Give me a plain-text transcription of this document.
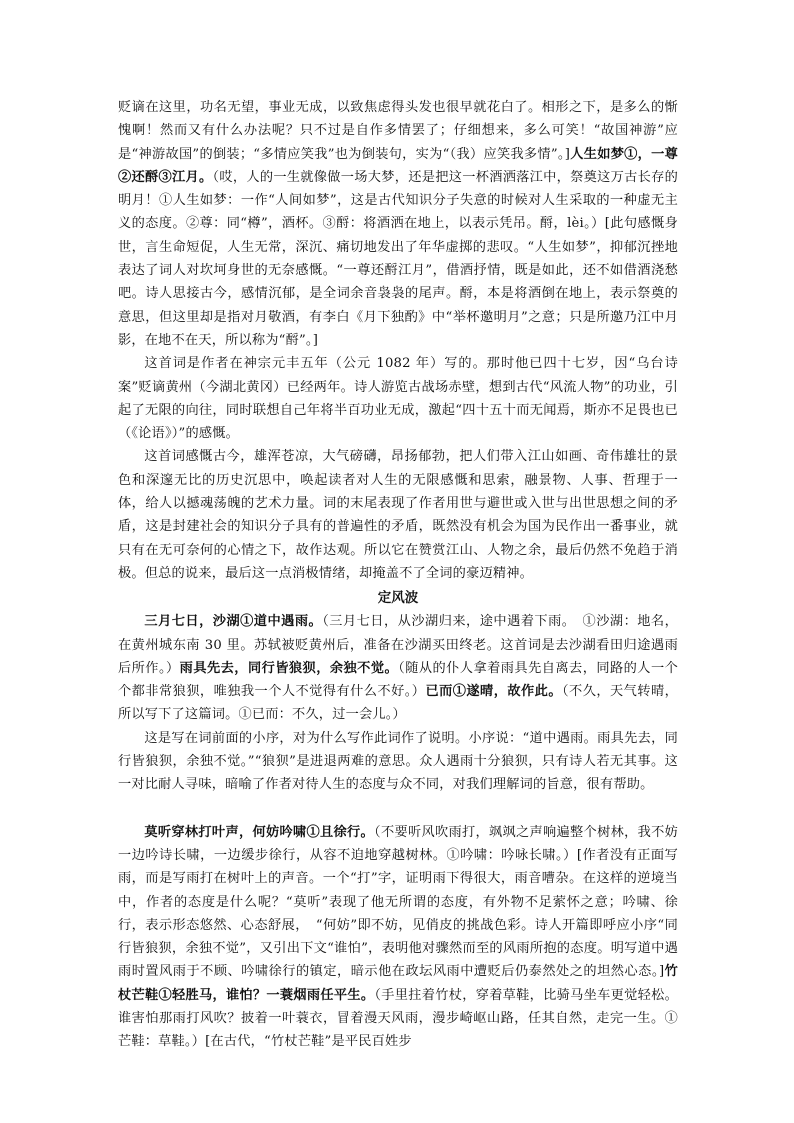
贬谪在这里，功名无望，事业无成，以致焦虑得头发也很早就花白了。相形之下，是多么的惭愧啊！然而又有什么办法呢？只不过是自作多情罢了；仔细想来，多么可笑！“故国神游”应是“神游故国”的倒装；“多情应笑我”也为倒装句，实为“（我）应笑我多情”。]人生如梦①，一尊②还酹③江月。（哎，人的一生就像做一场大梦，还是把这一杯酒洒落江中，祭奠这万古长存的明月！①人生如梦：一作“人间如梦”，这是古代知识分子失意的时候对人生采取的一种虚无主义的态度。②尊：同“樽”，酒杯。③酹：将酒洒在地上，以表示凭吊。酹，lèi。）[此句感慨身世，言生命短促，人生无常，深沉、痛切地发出了年华虚掷的悲叹。“人生如梦”，抑郁沉挫地表达了词人对坎坷身世的无奈感慨。“一尊还酹江月”，借酒抒情，既是如此，还不如借酒浇愁吧。诗人思接古今，感情沉郁，是全词余音袅袅的尾声。酹，本是将酒倒在地上，表示祭奠的意思，但这里却是指对月敬酒，有李白《月下独酌》中“举杯邀明月”之意；只是所邀乃江中月影，在地不在天，所以称为“酹”。]

这首词是作者在神宗元丰五年（公元 1082 年）写的。那时他已四十七岁，因“乌台诗案”贬谪黄州（今湖北黄冈）已经两年。诗人游览古战场赤壁，想到古代“风流人物”的功业，引起了无限的向往，同时联想自己年将半百功业无成，激起“四十五十而无闻焉，斯亦不足畏也已（《论语》）”的感慨。

这首词感慨古今，雄浑苍凉，大气磅礴，昂扬郁勃，把人们带入江山如画、奇伟雄壮的景色和深邃无比的历史沉思中，唤起读者对人生的无限感慨和思索，融景物、人事、哲理于一体，给人以撼魂荡魄的艺术力量。词的末尾表现了作者用世与避世或入世与出世思想之间的矛盾，这是封建社会的知识分子具有的普遍性的矛盾，既然没有机会为国为民作出一番事业，就只有在无可奈何的心情之下，故作达观。所以它在赞赏江山、人物之余，最后仍然不免趋于消极。但总的说来，最后这一点消极情绪，却掩盖不了全词的豪迈精神。

定风波

三月七日，沙湖①道中遇雨。（三月七日，从沙湖归来，途中遇着下雨。　①沙湖：地名，在黄州城东南 30 里。苏轼被贬黄州后，准备在沙湖买田终老。这首词是去沙湖看田归途遇雨后所作。）雨具先去，同行皆狼狈，余独不觉。（随从的仆人拿着雨具先自离去，同路的人一个个都非常狼狈，唯独我一个人不觉得有什么不好。）已而①遂晴，故作此。（不久，天气转晴，所以写下了这篇词。①已而：不久，过一会儿。）

这是写在词前面的小序，对为什么写作此词作了说明。小序说：“道中遇雨。雨具先去，同行皆狼狈，余独不觉。”“狼狈”是进退两难的意思。众人遇雨十分狼狈，只有诗人若无其事。这一对比耐人寻味，暗喻了作者对待人生的态度与众不同，对我们理解词的旨意，很有帮助。

莫听穿林打叶声，何妨吟啸①且徐行。（不要听风吹雨打，飒飒之声响遍整个树林，我不妨一边吟诗长啸，一边缓步徐行，从容不迫地穿越树林。①吟啸：吟咏长啸。）[作者没有正面写雨，而是写雨打在树叶上的声音。一个“打”字，证明雨下得很大，雨音嘈杂。在这样的逆境当中，作者的态度是什么呢？“莫听”表现了他无所谓的态度，有外物不足萦怀之意；吟啸、徐行，表示形态悠然、心态舒展，　“何妨”即不妨，见俏皮的挑战色彩。诗人开篇即呼应小序“同行皆狼狈，余独不觉”，又引出下文“谁怕”，表明他对骤然而至的风雨所抱的态度。明写道中遇雨时置风雨于不顾、吟啸徐行的镇定，暗示他在政坛风雨中遭贬后仍泰然处之的坦然心态。]竹杖芒鞋①轻胜马，谁怕？一蓑烟雨任平生。（手里拄着竹杖，穿着草鞋，比骑马坐车更觉轻松。谁害怕那雨打风吹？披着一叶蓑衣，冒着漫天风雨，漫步崎岖山路，任其自然，走完一生。①芒鞋：草鞋。）[在古代，“竹杖芒鞋”是平民百姓步
